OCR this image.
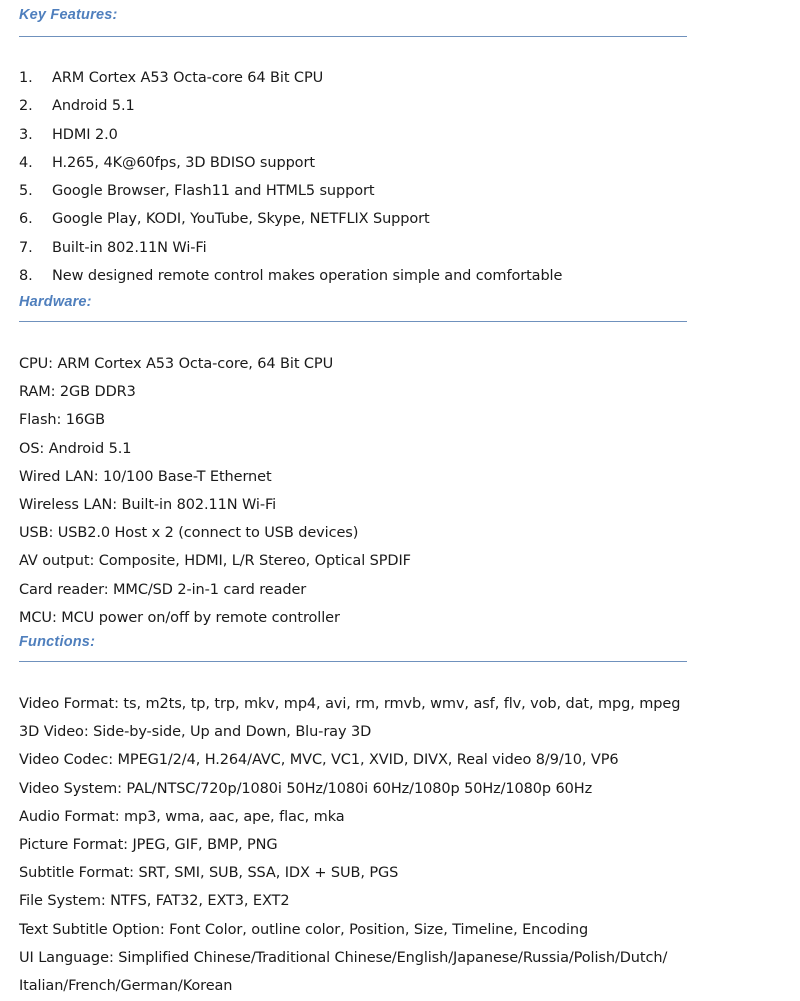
Key Features:
1. ARM Cortex A53 Octa-core 64 Bit CPU
2. Android 5.1
3. HDMI 2.0
4. H.265, 4K@60fps, 3D BDISO support
5. Google Browser, Flash11 and HTML5 support
6. Google Play, KODI, YouTube, Skype, NETFLIX Support
7. Built-in 802.11N Wi-Fi
8. New designed remote control makes operation simple and comfortable
Hardware:
CPU: ARM Cortex A53 Octa-core, 64 Bit CPU
RAM: 2GB DDR3
Flash: 16GB
OS: Android 5.1
Wired LAN: 10/100 Base-T Ethernet
Wireless LAN: Built-in 802.11N Wi-Fi
USB: USB2.0 Host x 2 (connect to USB devices)
AV output: Composite, HDMI, L/R Stereo, Optical SPDIF
Card reader: MMC/SD 2-in-1 card reader
MCU: MCU power on/off by remote controller
Functions:
Video Format: ts, m2ts, tp, trp, mkv, mp4, avi, rm, rmvb, wmv, asf, flv, vob, dat, mpg, mpeg
3D Video: Side-by-side, Up and Down, Blu-ray 3D
Video Codec: MPEG1/2/4, H.264/AVC, MVC, VC1, XVID, DIVX, Real video 8/9/10, VP6
Video System: PAL/NTSC/720p/1080i 50Hz/1080i 60Hz/1080p 50Hz/1080p 60Hz
Audio Format: mp3, wma, aac, ape, flac, mka
Picture Format: JPEG, GIF, BMP, PNG
Subtitle Format: SRT, SMI, SUB, SSA, IDX + SUB, PGS
File System: NTFS, FAT32, EXT3, EXT2
Text Subtitle Option: Font Color, outline color, Position, Size, Timeline, Encoding
UI Language: Simplified Chinese/Traditional Chinese/English/Japanese/Russia/Polish/Dutch/
Italian/French/German/Korean
